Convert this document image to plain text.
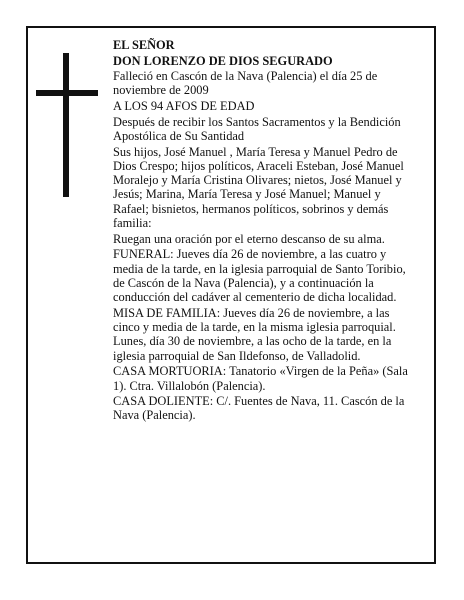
EL SEÑOR

DON LORENZO DE DIOS SEGURADO

Falleció en Cascón de la Nava (Palencia) el día 25 de noviembre de 2009

A LOS 94 AFOS DE EDAD

Después de recibir los Santos Sacramentos y la Bendición Apostólica de Su Santidad

Sus hijos, José Manuel , María Teresa y Manuel Pedro de Dios Crespo; hijos políticos, Araceli Esteban, José Manuel Moralejo y María Cristina Olivares; nietos, José Manuel y Jesús; Marina, María Teresa y José Manuel; Manuel y Rafael; bisnietos, hermanos políticos, sobrinos y demás familia:

Ruegan una oración por el eterno descanso de su alma.

FUNERAL: Jueves día 26 de noviembre, a las cuatro y media de la tarde, en la iglesia parroquial de Santo Toribio, de Cascón de la Nava (Palencia), y a continuación la conducción del cadáver al cementerio de dicha localidad.

MISA DE FAMILIA: Jueves día 26 de noviembre, a las cinco y media de la tarde, en la misma iglesia parroquial. Lunes, día 30 de noviembre, a las ocho de la tarde, en la iglesia parroquial de San Ildefonso, de Valladolid.

CASA MORTUORIA: Tanatorio «Virgen de la Peña» (Sala 1). Ctra. Villalobón (Palencia).

CASA DOLIENTE: C/. Fuentes de Nava, 11. Cascón de la Nava (Palencia).
